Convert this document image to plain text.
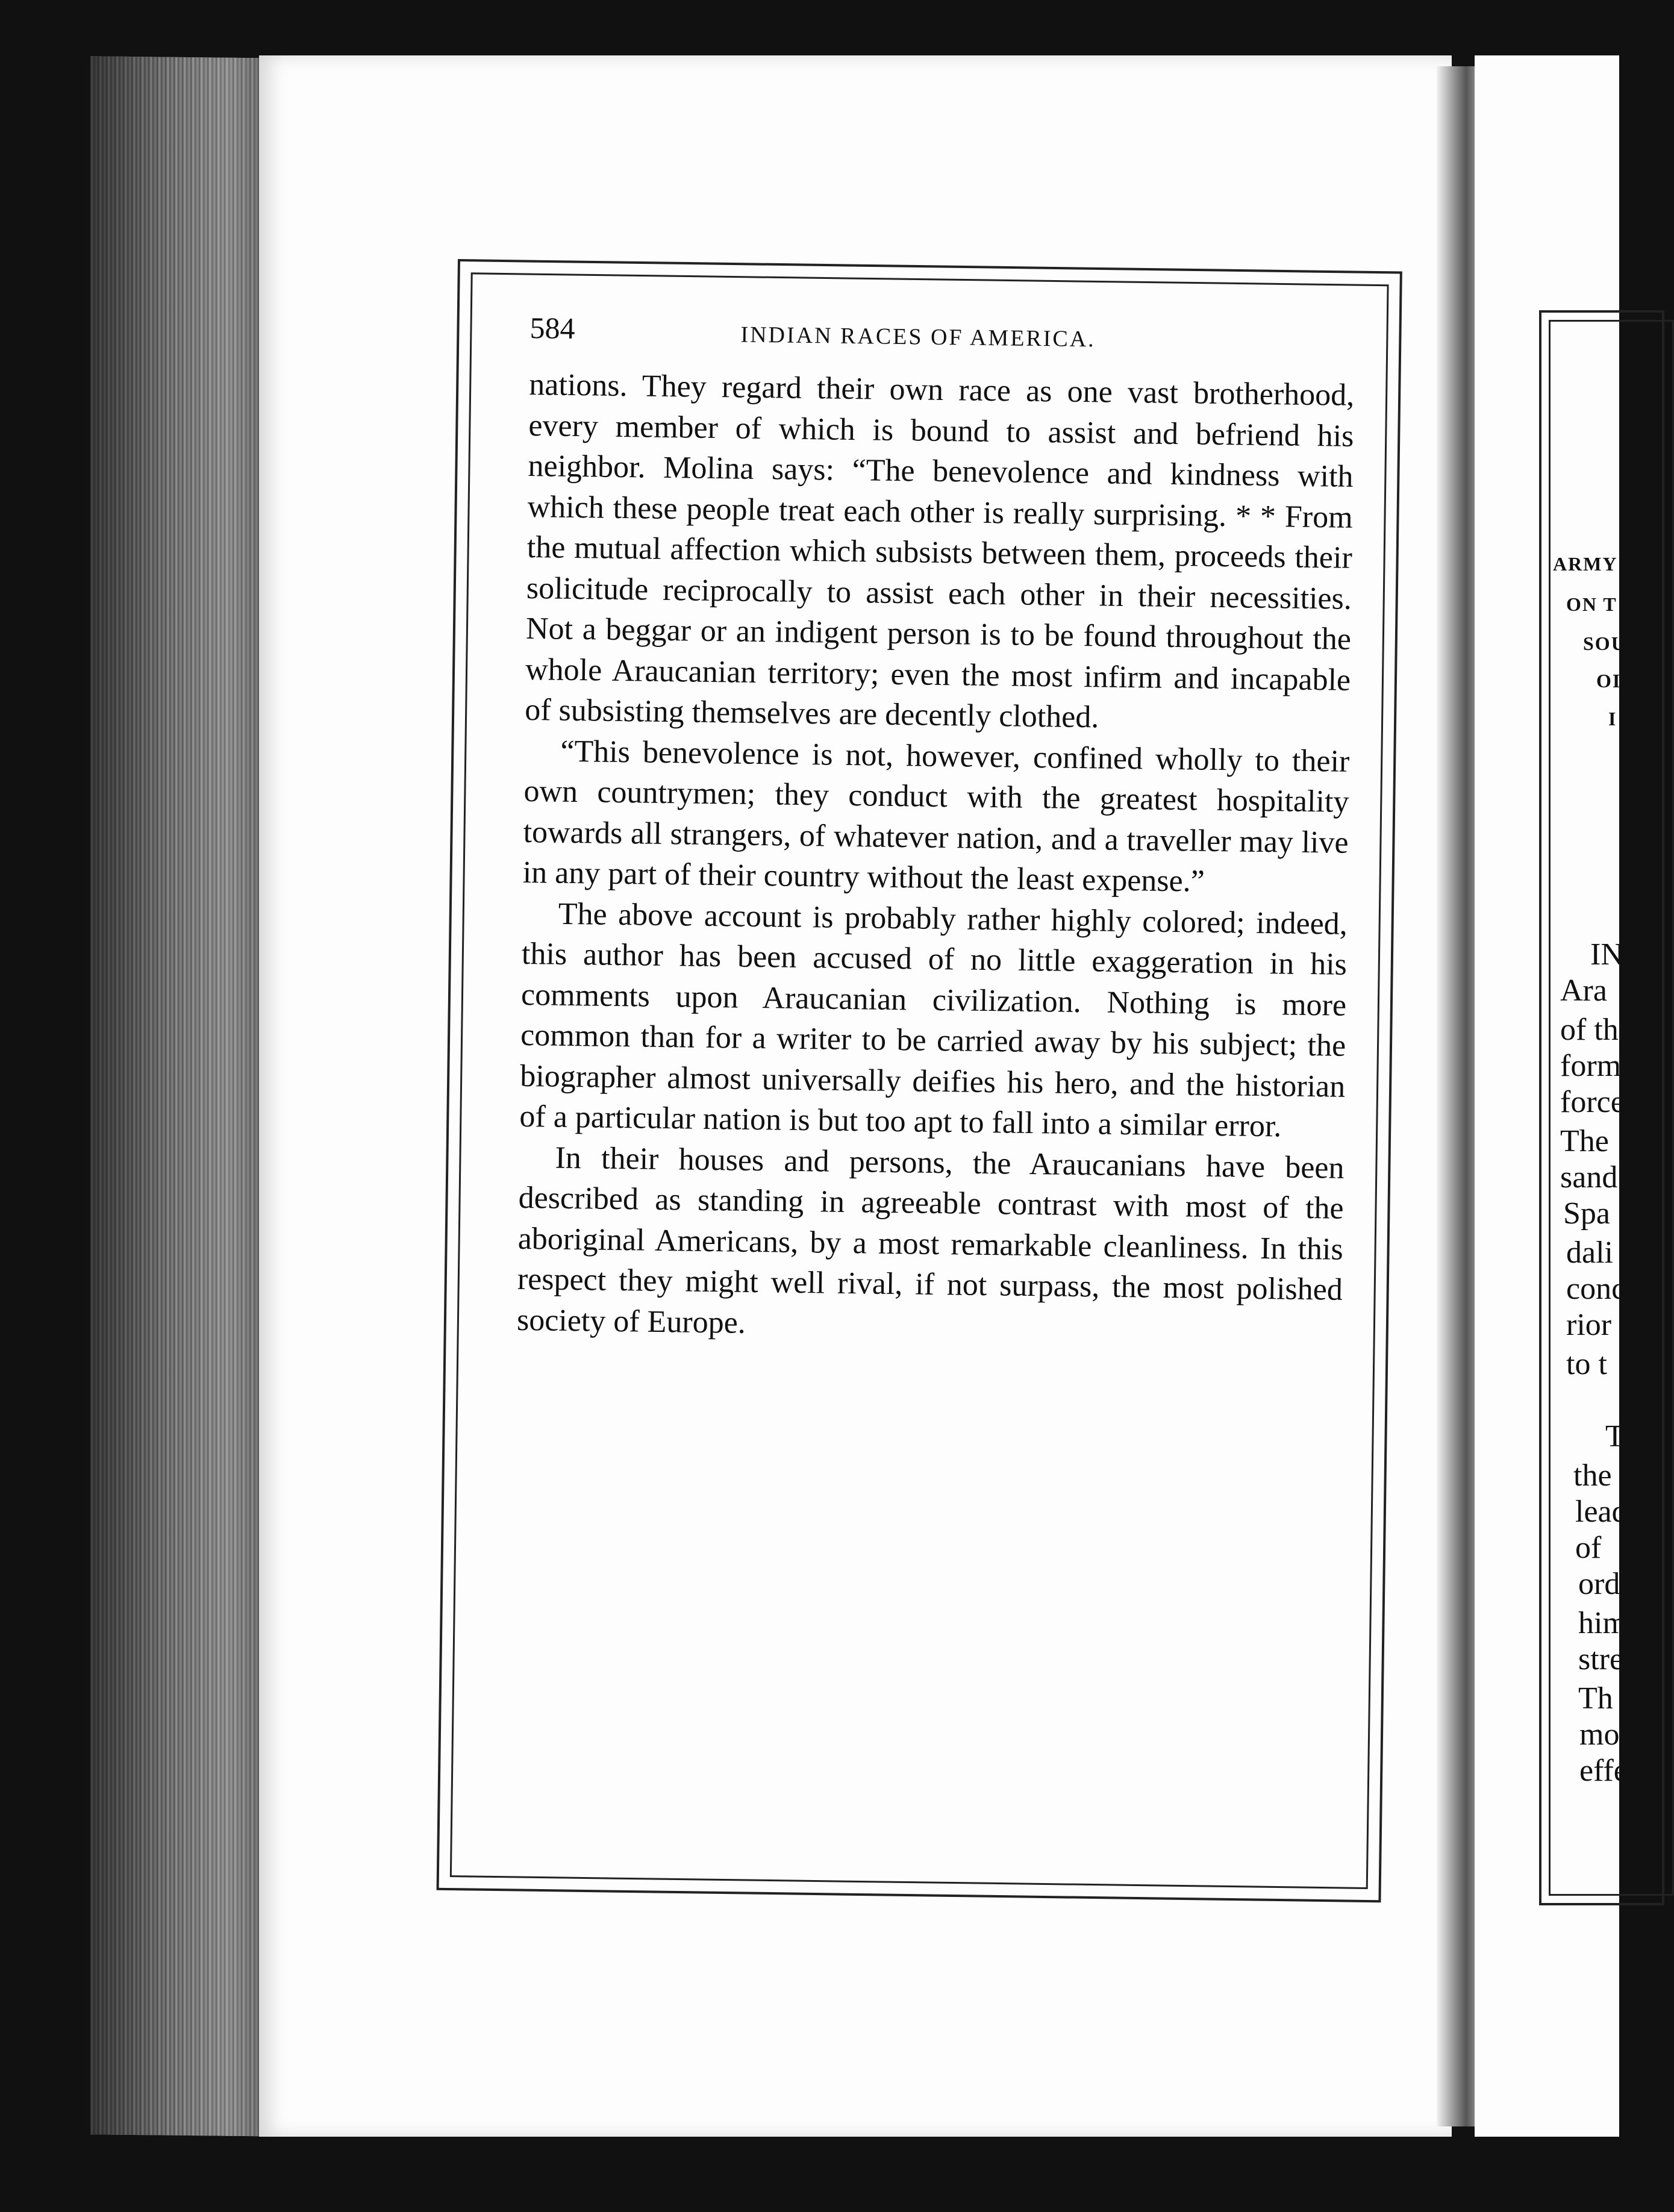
584	INDIAN RACES OF AMERICA.

nations. They regard their own race as one vast brotherhood, every member of which is bound to assist and befriend his neighbor. Molina says: “The benevolence and kindness with which these people treat each other is really surprising. * * From the mutual affection which subsists between them, proceeds their solicitude reciprocally to assist each other in their necessities. Not a beggar or an indigent person is to be found throughout the whole Araucanian territory; even the most infirm and incapable of subsisting themselves are decently clothed.

“This benevolence is not, however, confined wholly to their own countrymen; they conduct with the greatest hospitality towards all strangers, of whatever nation, and a traveller may live in any part of their country without the least expense.”

The above account is probably rather highly colored; indeed, this author has been accused of no little exaggeration in his comments upon Araucanian civilization. Nothing is more common than for a writer to be carried away by his subject; the biographer almost universally deifies his hero, and the historian of a particular nation is but too apt to fall into a similar error.

In their houses and persons, the Araucanians have been described as standing in agreeable contrast with most of the aboriginal Americans, by a most remarkable cleanliness. In this respect they might well rival, if not surpass, the most polished society of Europe.

ARMY
ON T
SOU
OI
I
IN
Ara
of th
form
force
The
sand
Spa
dali
conc
rior
to t
T
the
lead
of
ord
him
stre
Th
mo
effe
